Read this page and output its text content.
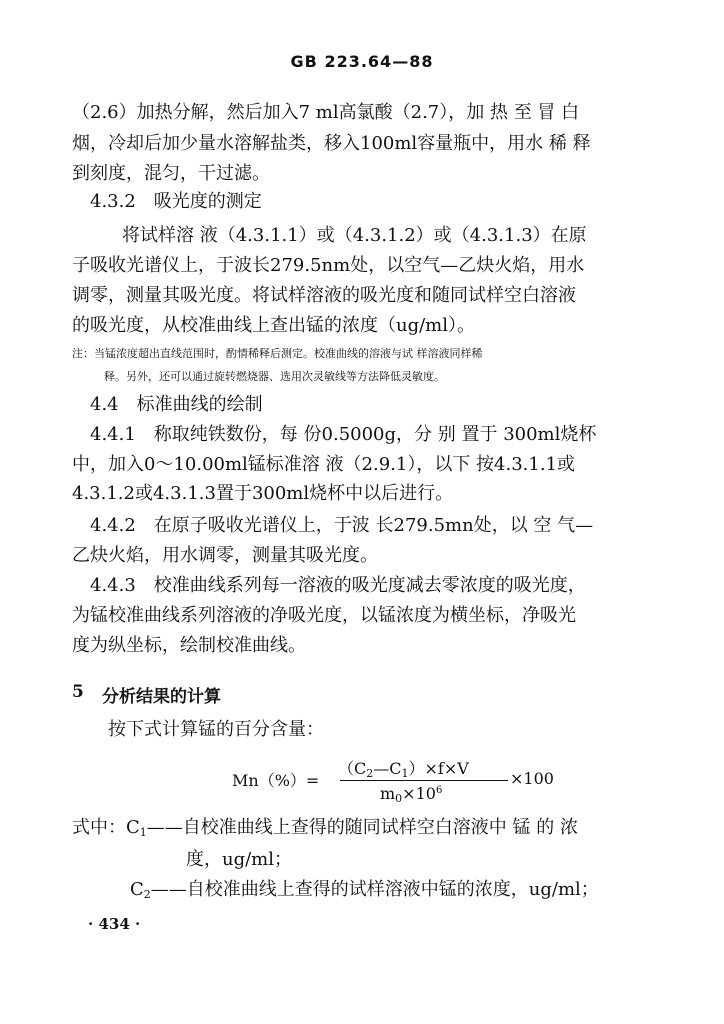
GB 223.64—88
（2.6）加热分解，然后加入7 ml高氯酸（2.7），加 热 至 冒 白
烟，冷却后加少量水溶解盐类，移入100ml容量瓶中，用水 稀 释
到刻度，混匀，干过滤。
4.3.2　吸光度的测定
将试样溶 液（4.3.1.1）或（4.3.1.2）或（4.3.1.3）在原
子吸收光谱仪上，于波长279.5nm处，以空气—乙炔火焰，用水
调零，测量其吸光度。将试样溶液的吸光度和随同试样空白溶液
的吸光度，从校准曲线上查出锰的浓度（ug/ml）。
注：当锰浓度超出直线范围时，酌情稀释后测定。校准曲线的溶液与试 样溶液同样稀
释。另外，还可以通过旋转燃烧器、选用次灵敏线等方法降低灵敏度。
4.4　标准曲线的绘制
4.4.1　称取纯铁数份，每 份0.5000g，分 别 置于 300ml烧杯
中，加入0～10.00ml锰标准溶 液（2.9.1），以下 按4.3.1.1或
4.3.1.2或4.3.1.3置于300ml烧杯中以后进行。
4.4.2　在原子吸收光谱仪上，于波 长279.5mn处，以 空 气—
乙炔火焰，用水调零，测量其吸光度。
4.4.3　校准曲线系列每一溶液的吸光度减去零浓度的吸光度，
为锰校准曲线系列溶液的净吸光度，以锰浓度为横坐标，净吸光
度为纵坐标，绘制校准曲线。
5 分析结果的计算
按下式计算锰的百分含量：
Mn（%）=
（C2—C1）×f×V
$m0\times 10^6$
×100
式中：C1——自校准曲线上查得的随同试样空白溶液中 锰 的 浓
度，ug/ml；
C2——自校准曲线上查得的试样溶液中锰的浓度，ug/ml；
· 434 ·
